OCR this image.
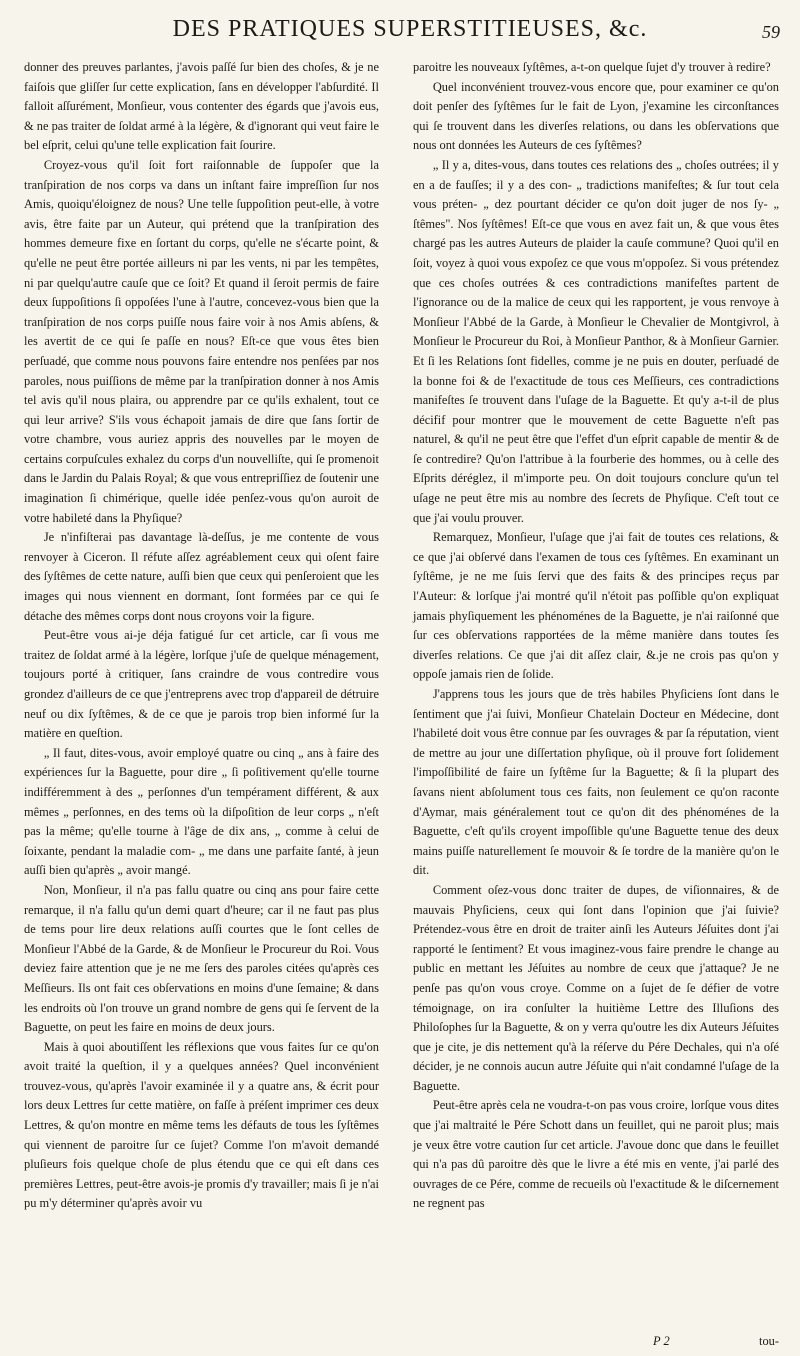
DES PRATIQUES SUPERSTITIEUSES, &c.	59

donner des preuves parlantes, j'avois paſſé ſur bien des choſes, & je ne faiſois que gliſſer ſur cette explication, ſans en développer l'abſurdité. Il falloit aſſurément, Monſieur, vous contenter des égards que j'avois eus, & ne pas traiter de ſoldat armé à la légère, & d'ignorant qui veut faire le bel eſprit, celui qu'une telle explication fait ſourire.

Croyez-vous qu'il ſoit fort raiſonnable de ſuppoſer que la tranſpiration de nos corps va dans un inſtant faire impreſſion ſur nos Amis, quoiqu'éloignez de nous? Une telle ſuppoſition peut-elle, à votre avis, être faite par un Auteur, qui prétend que la tranſpiration des hommes demeure fixe en ſortant du corps, qu'elle ne s'écarte point, & qu'elle ne peut être portée ailleurs ni par les vents, ni par les tempêtes, ni par quelqu'autre cauſe que ce ſoit? Et quand il ſeroit permis de faire deux ſuppoſitions ſi oppoſées l'une à l'autre, concevez-vous bien que la tranſpiration de nos corps puiſſe nous faire voir à nos Amis abſens, & les avertit de ce qui ſe paſſe en nous? Eſt-ce que vous êtes bien perſuadé, que comme nous pouvons faire entendre nos penſées par nos paroles, nous puiſſions de même par la tranſpiration donner à nos Amis tel avis qu'il nous plaira, ou apprendre par ce qu'ils exhalent, tout ce qui leur arrive? S'ils vous échapoit jamais de dire que ſans ſortir de votre chambre, vous auriez appris des nouvelles par le moyen de certains corpuſcules exhalez du corps d'un nouvelliſte, qui ſe promenoit dans le Jardin du Palais Royal; & que vous entrepriſſiez de ſoutenir une imagination ſi chimérique, quelle idée penſez-vous qu'on auroit de votre habileté dans la Phyſique?

Je n'infiſterai pas davantage là-deſſus, je me contente de vous renvoyer à Ciceron. Il réfute aſſez agréablement ceux qui oſent faire des ſyſtêmes de cette nature, auſſi bien que ceux qui penſeroient que les images qui nous viennent en dormant, ſont formées par ce qui ſe détache des mêmes corps dont nous croyons voir la figure.

Peut-être vous ai-je déja fatigué ſur cet article, car ſi vous me traitez de ſoldat armé à la légère, lorſque j'uſe de quelque ménagement, toujours porté à critiquer, ſans craindre de vous contredire vous grondez d'ailleurs de ce que j'entreprens avec trop d'appareil de détruire neuf ou dix ſyſtêmes, & de ce que je parois trop bien informé ſur la matière en queſtion.

„ Il faut, dites-vous, avoir employé quatre ou cinq „ ans à faire des expériences ſur la Baguette, pour dire „ ſi poſitivement qu'elle tourne indifféremment à des „ perſonnes d'un tempérament différent, & aux mêmes „ perſonnes, en des tems où la diſpoſition de leur corps „ n'eſt pas la même; qu'elle tourne à l'âge de dix ans, „ comme à celui de ſoixante, pendant la maladie com- „ me dans une parfaite ſanté, à jeun auſſi bien qu'après „ avoir mangé.

Non, Monſieur, il n'a pas fallu quatre ou cinq ans pour faire cette remarque, il n'a fallu qu'un demi quart d'heure; car il ne faut pas plus de tems pour lire deux relations auſſi courtes que le ſont celles de Monſieur l'Abbé de la Garde, & de Monſieur le Procureur du Roi. Vous deviez faire attention que je ne me ſers des paroles citées qu'après ces Meſſieurs. Ils ont fait ces obſervations en moins d'une ſemaine; & dans les endroits où l'on trouve un grand nombre de gens qui ſe ſervent de la Baguette, on peut les faire en moins de deux jours.

Mais à quoi aboutiſſent les réflexions que vous faites ſur ce qu'on avoit traité la queſtion, il y a quelques années? Quel inconvénient trouvez-vous, qu'après l'avoir examinée il y a quatre ans, & écrit pour lors deux Lettres ſur cette matière, on faſſe à préſent imprimer ces deux Lettres, & qu'on montre en même tems les défauts de tous les ſyſtêmes qui viennent de paroitre ſur ce ſujet? Comme l'on m'avoit demandé pluſieurs fois quelque choſe de plus étendu que ce qui eſt dans ces premières Lettres, peut-être avois-je promis d'y travailler; mais ſi je n'ai pu m'y déterminer qu'après avoir vu

paroitre les nouveaux ſyſtêmes, a-t-on quelque ſujet d'y trouver à redire?

Quel inconvénient trouvez-vous encore que, pour examiner ce qu'on doit penſer des ſyſtêmes ſur le fait de Lyon, j'examine les circonſtances qui ſe trouvent dans les diverſes relations, ou dans les obſervations que nous ont données les Auteurs de ces ſyſtêmes?

„ Il y a, dites-vous, dans toutes ces relations des „ choſes outrées; il y en a de fauſſes; il y a des con- „ tradictions manifeſtes; & ſur tout cela vous préten- „ dez pourtant décider ce qu'on doit juger de nos ſy- „ ſtêmes". Nos ſyſtêmes! Eſt-ce que vous en avez fait un, & que vous êtes chargé pas les autres Auteurs de plaider la cauſe commune? Quoi qu'il en ſoit, voyez à quoi vous expoſez ce que vous m'oppoſez. Si vous prétendez que ces choſes outrées & ces contradictions manifeſtes partent de l'ignorance ou de la malice de ceux qui les rapportent, je vous renvoye à Monſieur l'Abbé de la Garde, à Monſieur le Chevalier de Montgivrol, à Monſieur le Procureur du Roi, à Monſieur Panthor, & à Monſieur Garnier. Et ſi les Relations ſont fidelles, comme je ne puis en douter, perſuadé de la bonne foi & de l'exactitude de tous ces Meſſieurs, ces contradictions manifeſtes ſe trouvent dans l'uſage de la Baguette. Et qu'y a-t-il de plus décifif pour montrer que le mouvement de cette Baguette n'eſt pas naturel, & qu'il ne peut être que l'effet d'un eſprit capable de mentir & de ſe contredire? Qu'on l'attribue à la fourberie des hommes, ou à celle des Eſprits déréglez, il m'importe peu. On doit toujours conclure qu'un tel uſage ne peut être mis au nombre des ſecrets de Phyſique. C'eſt tout ce que j'ai voulu prouver.

Remarquez, Monſieur, l'uſage que j'ai fait de toutes ces relations, & ce que j'ai obſervé dans l'examen de tous ces ſyſtêmes. En examinant un ſyſtême, je ne me ſuis ſervi que des faits & des principes reçus par l'Auteur: & lorſque j'ai montré qu'il n'étoit pas poſſible qu'on expliquat jamais phyſiquement les phénoménes de la Baguette, je n'ai raiſonné que ſur ces obſervations rapportées de la même manière dans toutes ſes diverſes relations. Ce que j'ai dit aſſez clair, &.je ne crois pas qu'on y oppoſe jamais rien de ſolide.

J'apprens tous les jours que de très habiles Phyſiciens ſont dans le ſentiment que j'ai ſuivi, Monſieur Chatelain Docteur en Médecine, dont l'habileté doit vous être connue par ſes ouvrages & par ſa réputation, vient de mettre au jour une diſſertation phyſique, où il prouve fort ſolidement l'impoſſibilité de faire un ſyſtême ſur la Baguette; & ſi la plupart des ſavans nient abſolument tous ces faits, non ſeulement ce qu'on raconte d'Aymar, mais généralement tout ce qu'on dit des phénoménes de la Baguette, c'eſt qu'ils croyent impoſſible qu'une Baguette tenue des deux mains puiſſe naturellement ſe mouvoir & ſe tordre de la manière qu'on le dit.

Comment oſez-vous donc traiter de dupes, de viſionnaires, & de mauvais Phyſiciens, ceux qui ſont dans l'opinion que j'ai ſuivie? Prétendez-vous être en droit de traiter ainſi les Auteurs Jéſuites dont j'ai rapporté le ſentiment? Et vous imaginez-vous faire prendre le change au public en mettant les Jéſuites au nombre de ceux que j'attaque? Je ne penſe pas qu'on vous croye. Comme on a ſujet de ſe défier de votre témoignage, on ira conſulter la huitième Lettre des Illuſions des Philoſophes ſur la Baguette, & on y verra qu'outre les dix Auteurs Jéſuites que je cite, je dis nettement qu'à la réſerve du Pére Dechales, qui n'a oſé décider, je ne connois aucun autre Jéſuite qui n'ait condamné l'uſage de la Baguette.

Peut-être après cela ne voudra-t-on pas vous croire, lorſque vous dites que j'ai maltraité le Pére Schott dans un feuillet, qui ne paroit plus; mais je veux être votre caution ſur cet article. J'avoue donc que dans le feuillet qui n'a pas dû paroitre dès que le livre a été mis en vente, j'ai parlé des ouvrages de ce Pére, comme de recueils où l'exactitude & le diſcernement ne regnent pas

P 2	tou-
